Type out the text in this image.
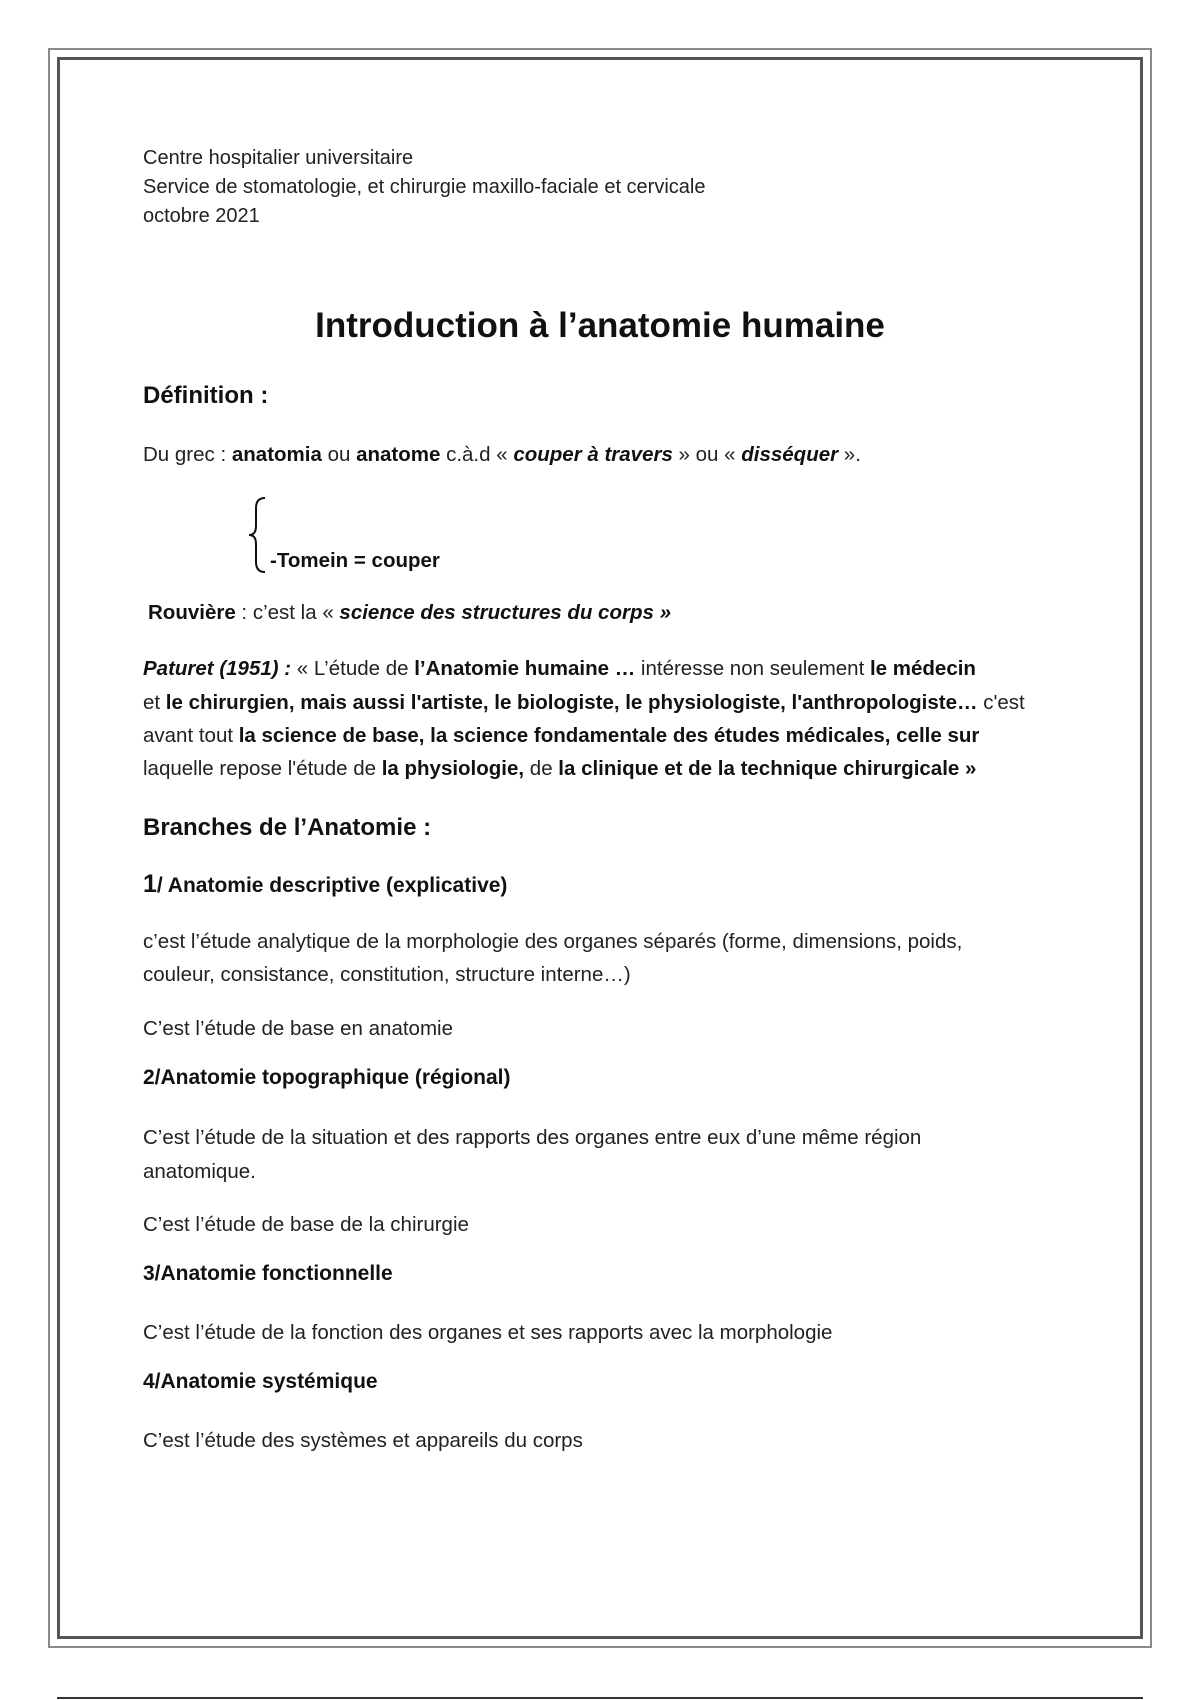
Centre hospitalier universitaire
Service de stomatologie, et chirurgie maxillo-faciale et cervicale
octobre 2021
Introduction à l’anatomie humaine
Définition :
Du grec : anatomia ou anatome c.à.d « couper à travers » ou « disséquer ».
-Tomein = couper
Rouvière : c’est la « science des structures du corps »
Paturet (1951) : « L’étude de l’Anatomie humaine … intéresse non seulement le médecin
et le chirurgien, mais aussi l'artiste, le biologiste, le physiologiste, l'anthropologiste… c'est
avant tout la science de base, la science fondamentale des études médicales, celle sur
laquelle repose l'étude de la physiologie, de la clinique et de la technique chirurgicale »
Branches de l’Anatomie :
1/ Anatomie descriptive (explicative)
c’est l’étude analytique de la morphologie des organes séparés (forme, dimensions, poids,
couleur, consistance, constitution, structure interne…)
C’est l’étude de base en anatomie
2/Anatomie topographique (régional)
C’est l’étude de la situation et des rapports des organes entre eux d’une même région
anatomique.
C’est l’étude de base de la chirurgie
3/Anatomie fonctionnelle
C’est l’étude de la fonction des organes et ses rapports avec la morphologie
4/Anatomie systémique
C’est l’étude des systèmes et appareils du corps
